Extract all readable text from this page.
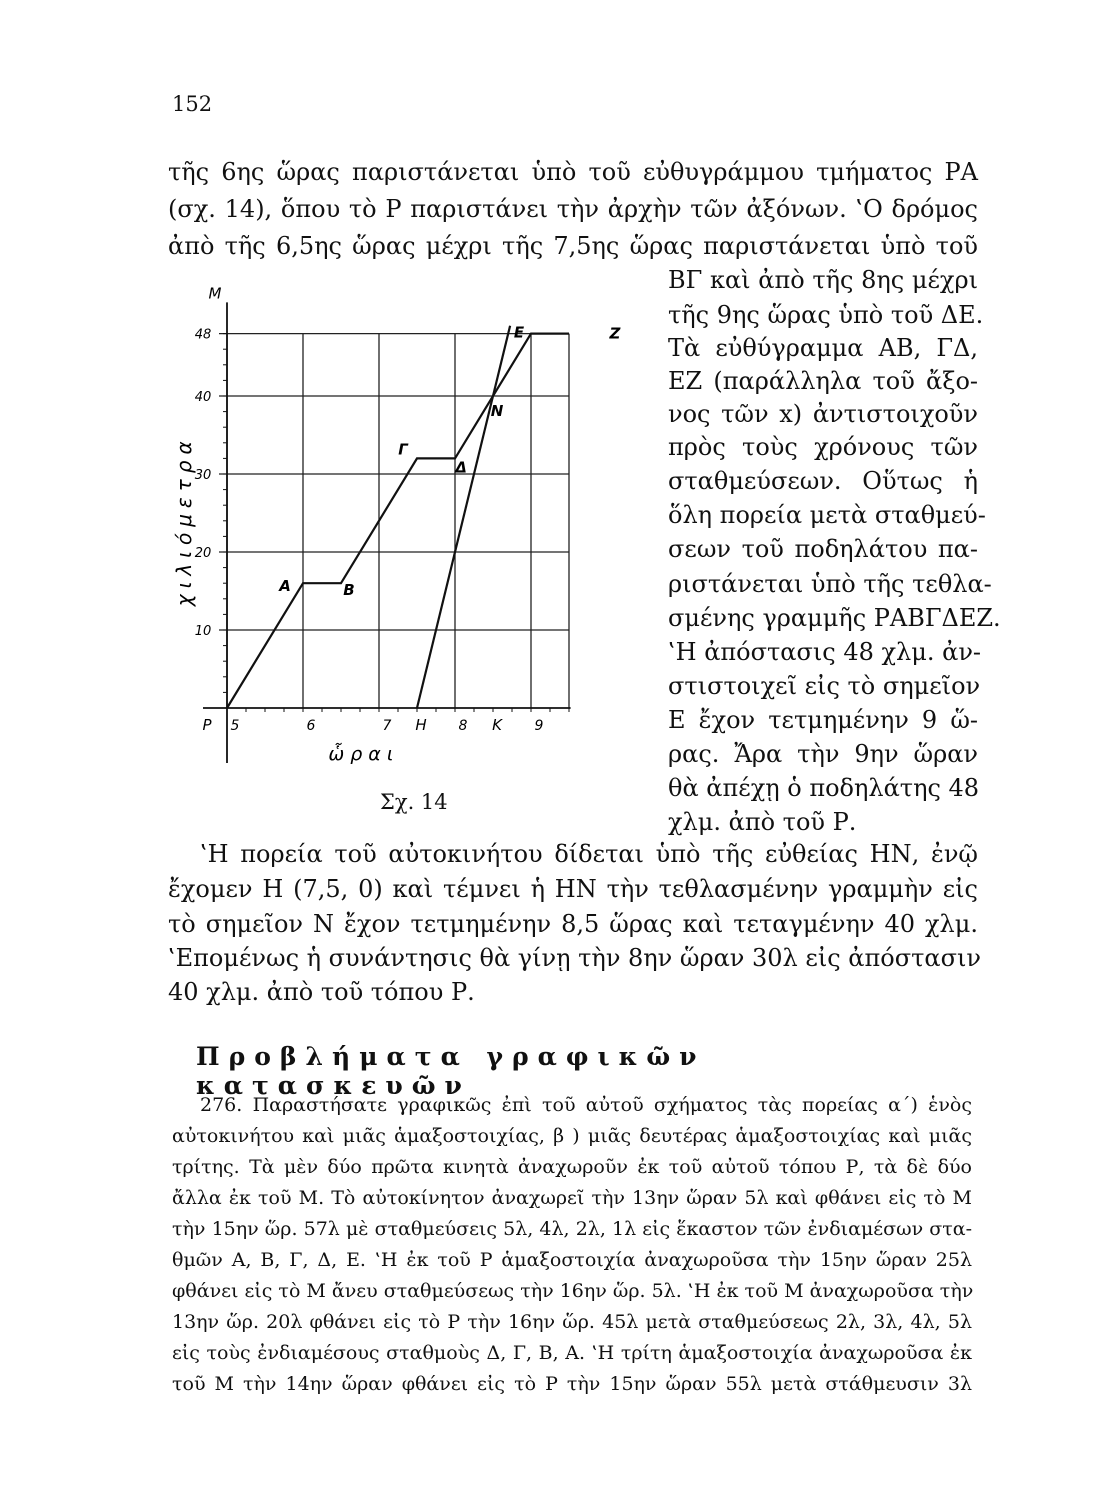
152
τῆς 6ης ὥρας παριστάνεται ὑπὸ τοῦ εὐθυγράμμου τμήματος ΡΑ
(σχ. 14), ὅπου τὸ Ρ παριστάνει τὴν ἀρχὴν τῶν ἀξόνων. ‛Ο δρόμος
ἀπὸ τῆς 6,5ης ὥρας μέχρι τῆς 7,5ης ὥρας παριστάνεται ὑπὸ τοῦ
ΒΓ καὶ ἀπὸ τῆς 8ης μέχρι
τῆς 9ης ὥρας ὑπὸ τοῦ ΔΕ.
Τὰ εὐθύγραμμα ΑΒ, ΓΔ,
ΕΖ (παράλληλα τοῦ ἄξο-
νος τῶν x) ἀντιστοιχοῦν
πρὸς τοὺς χρόνους τῶν
σταθμεύσεων. Οὕτως ἡ
ὅλη πορεία μετὰ σταθμεύ-
σεων τοῦ ποδηλάτου πα-
ριστάνεται ὑπὸ τῆς τεθλα-
σμένης γραμμῆς ΡΑΒΓΔΕΖ.
‛Η ἀπόστασις 48 χλμ. ἀν-
στιστοιχεῖ εἰς τὸ σημεῖον
Ε ἔχον τετμημένην 9 ὥ-
ρας. Ἄρα τὴν 9ην ὥραν
θὰ ἀπέχῃ ὁ ποδηλάτης 48
χλμ. ἀπὸ τοῦ Ρ.
10
20
30
40
48
5	6	7	8	9
Η	Κ
Ρ
Μ
χιλιόμετρα
ὧραι
Α	Β
Γ
Δ
Ε	Ζ
Ν
Σχ. 14
‛Η πορεία τοῦ αὐτοκινήτου δίδεται ὑπὸ τῆς εὐθείας ΗΝ, ἐνῷ
ἔχομεν Η (7,5, 0) καὶ τέμνει ἡ ΗΝ τὴν τεθλασμένην γραμμὴν εἰς
τὸ σημεῖον Ν ἔχον τετμημένην 8,5 ὥρας καὶ τεταγμένην 40 χλμ.
‛Επομένως ἡ συνάντησις θὰ γίνῃ τὴν 8ην ὥραν 30λ εἰς ἀπόστασιν
40 χλμ. ἀπὸ τοῦ τόπου Ρ.
Προβλήματα γραφικῶν κατασκευῶν
276. Παραστήσατε γραφικῶς ἐπὶ τοῦ αὐτοῦ σχήματος τὰς πορείας α΄) ἑνὸς
αὐτοκινήτου καὶ μιᾶς ἁμαξοστοιχίας, β ) μιᾶς δευτέρας ἁμαξοστοιχίας καὶ μιᾶς
τρίτης. Τὰ μὲν δύο πρῶτα κινητὰ ἀναχωροῦν ἐκ τοῦ αὐτοῦ τόπου Ρ, τὰ δὲ δύο
ἄλλα ἐκ τοῦ Μ. Τὸ αὐτοκίνητον ἀναχωρεῖ τὴν 13ην ὥραν 5λ καὶ φθάνει εἰς τὸ Μ
τὴν 15ην ὥρ. 57λ μὲ σταθμεύσεις 5λ, 4λ, 2λ, 1λ εἰς ἕκαστον τῶν ἐνδιαμέσων στα-
θμῶν Α, Β, Γ, Δ, Ε. ‛Η ἐκ τοῦ Ρ ἁμαξοστοιχία ἀναχωροῦσα τὴν 15ην ὥραν 25λ
φθάνει εἰς τὸ Μ ἄνευ σταθμεύσεως τὴν 16ην ὥρ. 5λ. ‛Η ἐκ τοῦ Μ ἀναχωροῦσα τὴν
13ην ὥρ. 20λ φθάνει εἰς τὸ Ρ τὴν 16ην ὥρ. 45λ μετὰ σταθμεύσεως 2λ, 3λ, 4λ, 5λ
εἰς τοὺς ἐνδιαμέσους σταθμοὺς Δ, Γ, Β, Α. ‛Η τρίτη ἁμαξοστοιχία ἀναχωροῦσα ἐκ
τοῦ Μ τὴν 14ην ὥραν φθάνει εἰς τὸ Ρ τὴν 15ην ὥραν 55λ μετὰ στάθμευσιν 3λ
